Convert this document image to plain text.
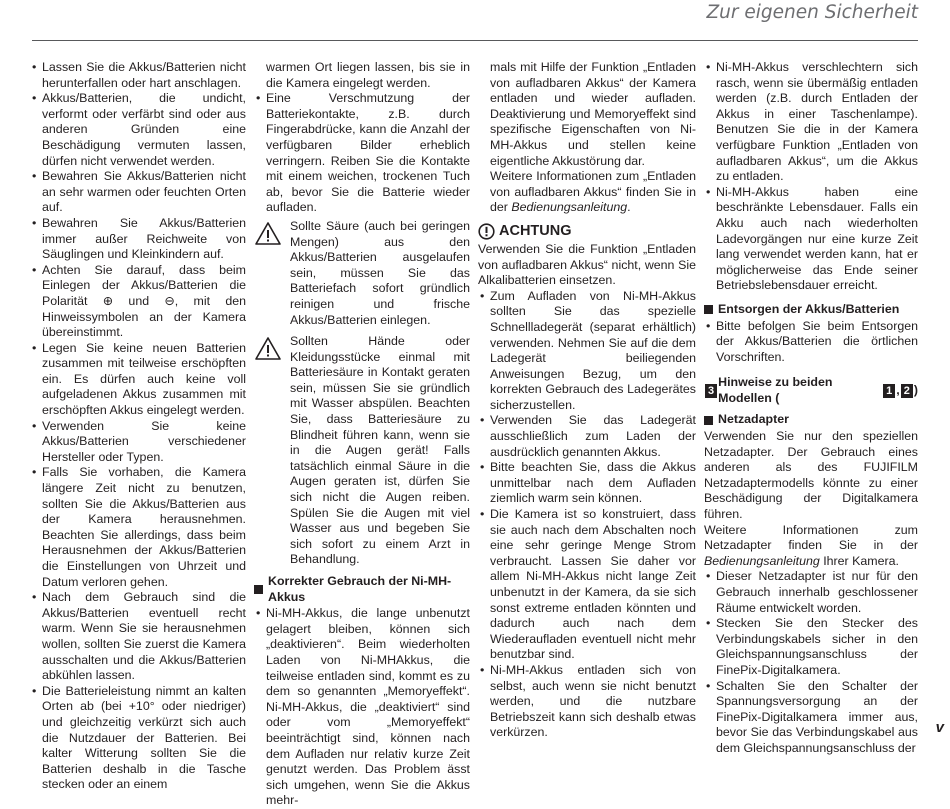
Zur eigenen Sicherheit
• Lassen Sie die Akkus/Batterien nicht herunterfallen oder hart anschlagen.
• Akkus/Batterien, die undicht, verformt oder verfärbt sind oder aus anderen Gründen eine Beschädigung vermuten lassen, dürfen nicht verwendet werden.
• Bewahren Sie Akkus/Batterien nicht an sehr warmen oder feuchten Orten auf.
• Bewahren Sie Akkus/Batterien immer außer Reichweite von Säuglingen und Kleinkindern auf.
• Achten Sie darauf, dass beim Einlegen der Akkus/Batterien die Polarität ⊕ und ⊖, mit den Hinweissymbolen an der Kamera übereinstimmt.
• Legen Sie keine neuen Batterien zusammen mit teilweise erschöpften ein. Es dürfen auch keine voll aufgeladenen Akkus zusammen mit erschöpften Akkus eingelegt werden.
• Verwenden Sie keine Akkus/Batterien verschiedener Hersteller oder Typen.
• Falls Sie vorhaben, die Kamera längere Zeit nicht zu benutzen, sollten Sie die Akkus/Batterien aus der Kamera herausnehmen. Beachten Sie allerdings, dass beim Herausnehmen der Akkus/Batterien die Einstellungen von Uhrzeit und Datum verloren gehen.
• Nach dem Gebrauch sind die Akkus/Batterien eventuell recht warm. Wenn Sie sie herausnehmen wollen, sollten Sie zuerst die Kamera ausschalten und die Akkus/Batterien abkühlen lassen.
• Die Batterieleistung nimmt an kalten Orten ab (bei +10° oder niedriger) und gleichzeitig verkürzt sich auch die Nutzdauer der Batterien. Bei kalter Witterung sollten Sie die Batterien deshalb in die Tasche stecken oder an einem
warmen Ort liegen lassen, bis sie in die Kamera eingelegt werden.
• Eine Verschmutzung der Batteriekontakte, z.B. durch Fingerabdrücke, kann die Anzahl der verfügbaren Bilder erheblich verringern. Reiben Sie die Kontakte mit einem weichen, trockenen Tuch ab, bevor Sie die Batterie wieder aufladen.
Sollte Säure (auch bei geringen Mengen) aus den Akkus/Batterien ausgelaufen sein, müssen Sie das Batteriefach sofort gründlich reinigen und frische Akkus/Batterien einlegen.
Sollten Hände oder Kleidungsstücke einmal mit Batteriesäure in Kontakt geraten sein, müssen Sie sie gründlich mit Wasser abspülen. Beachten Sie, dass Batteriesäure zu Blindheit führen kann, wenn sie in die Augen gerät! Falls tatsächlich einmal Säure in die Augen geraten ist, dürfen Sie sich nicht die Augen reiben. Spülen Sie die Augen mit viel Wasser aus und begeben Sie sich sofort zu einem Arzt in Behandlung.
Korrekter Gebrauch der Ni-MH-Akkus
• Ni-MH-Akkus, die lange unbenutzt gelagert bleiben, können sich „deaktivieren“. Beim wiederholten Laden von Ni-MHAkkus, die teilweise entladen sind, kommt es zu dem so genannten „Memoryeffekt“. Ni-MH-Akkus, die „deaktiviert“ sind oder vom „Memoryeffekt“ beeinträchtigt sind, können nach dem Aufladen nur relativ kurze Zeit genutzt werden. Das Problem ässt sich umgehen, wenn Sie die Akkus mehr-
mals mit Hilfe der Funktion „Entladen von aufladbaren Akkus“ der Kamera entladen und wieder aufladen. Deaktivierung und Memoryeffekt sind spezifische Eigenschaften von Ni-MH-Akkus und stellen keine eigentliche Akkustörung dar.
Weitere Informationen zum „Entladen von aufladbaren Akkus“ finden Sie in der Bedienungsanleitung.
ACHTUNG

Verwenden Sie die Funktion „Entladen von aufladbaren Akkus“ nicht, wenn Sie Alkalibatterien einsetzen.

• Zum Aufladen von Ni-MH-Akkus sollten Sie das spezielle Schnellladegerät (separat erhältlich) verwenden. Nehmen Sie auf die dem Ladegerät beiliegenden Anweisungen Bezug, um den korrekten Gebrauch des Ladegerätes sicherzustellen.
• Verwenden Sie das Ladegerät ausschließlich zum Laden der ausdrücklich genannten Akkus.
• Bitte beachten Sie, dass die Akkus unmittelbar nach dem Aufladen ziemlich warm sein können.
• Die Kamera ist so konstruiert, dass sie auch nach dem Abschalten noch eine sehr geringe Menge Strom verbraucht. Lassen Sie daher vor allem Ni-MH-Akkus nicht lange Zeit unbenutzt in der Kamera, da sie sich sonst extreme entladen könnten und dadurch auch nach dem Wiederaufladen eventuell nicht mehr benutzbar sind.
• Ni-MH-Akkus entladen sich von selbst, auch wenn sie nicht benutzt werden, und die nutzbare Betriebszeit kann sich deshalb etwas verkürzen.
• Ni-MH-Akkus verschlechtern sich rasch, wenn sie übermäßig entladen werden (z.B. durch Entladen der Akkus in einer Taschenlampe). Benutzen Sie die in der Kamera verfügbare Funktion „Entladen von aufladbaren Akkus“, um die Akkus zu entladen.
• Ni-MH-Akkus haben eine beschränkte Lebensdauer. Falls ein Akku auch nach wiederholten Ladevorgängen nur eine kurze Zeit lang verwendet werden kann, hat er möglicherweise das Ende seiner Betriebslebensdauer erreicht.
Entsorgen der Akkus/Batterien
• Bitte befolgen Sie beim Entsorgen der Akkus/Batterien die örtlichen Vorschriften.
3
Hinweise zu beiden Modellen (	1 , 2 )
Netzadapter

Verwenden Sie nur den speziellen Netzadapter. Der Gebrauch eines anderen als des FUJIFILM Netzadaptermodells könnte zu einer Beschädigung der Digitalkamera führen.

Weitere Informationen zum Netzadapter finden Sie in der Bedienungsanleitung Ihrer Kamera.

• Dieser Netzadapter ist nur für den Gebrauch innerhalb geschlossener Räume entwickelt worden.
• Stecken Sie den Stecker des Verbindungskabels sicher in den Gleichspannungsanschluss der FinePix-Digitalkamera.
• Schalten Sie den Schalter der Spannungsversorgung an der FinePix-Digitalkamera immer aus, bevor Sie das Verbindungskabel aus dem Gleichspannungsanschluss der
v
